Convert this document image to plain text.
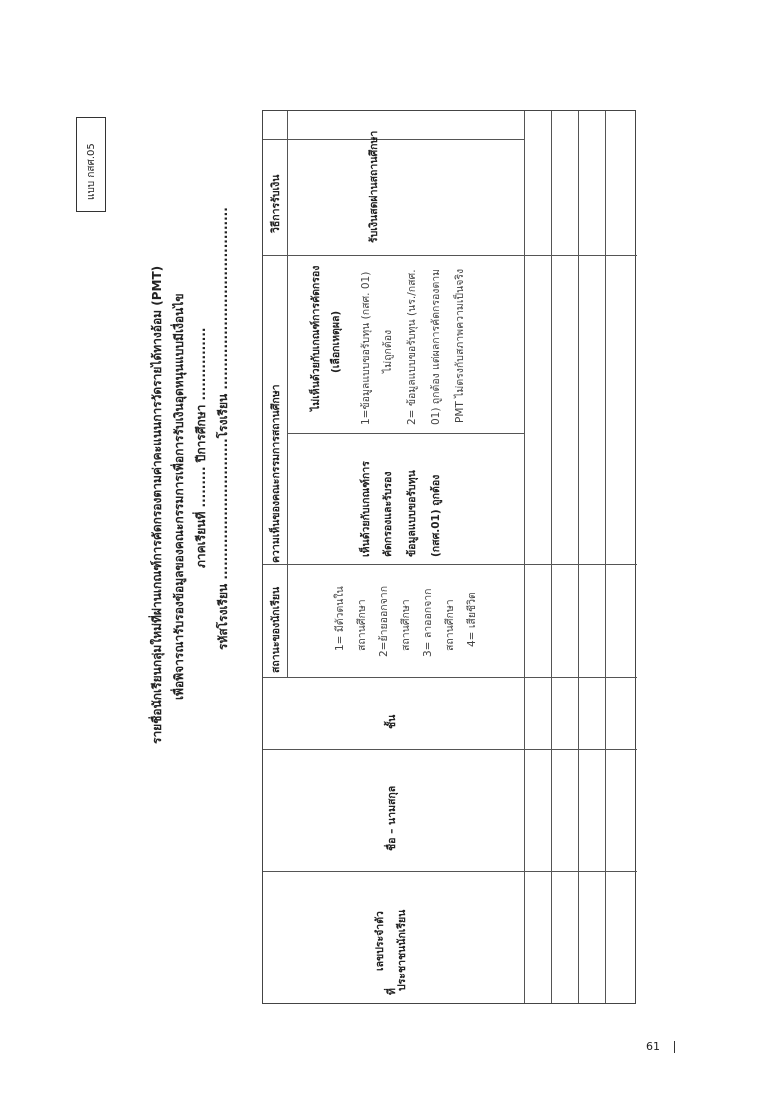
แบบ กสศ.05
รายชื่อนักเรียนกลุ่มใหม่ที่ผ่านเกณฑ์การคัดกรองตามค่าคะแนนการวัดรายได้ทางอ้อม (PMT) เพื่อพิจารณารับรองข้อมูลของคณะกรรมการเพื่อการรับเงินอุดหนุนแบบมีเงื่อนไข ภาคเรียนที่ ......... ปีการศึกษา ................ รหัสโรงเรียน ...............................โรงเรียน ........................................
วิธีการรับเงิน	รับเงินสดผ่านสถานศึกษา
ความเห็นของคณะกรรมการสถานศึกษา
ไม่เห็นด้วยกับเกณฑ์การคัดกรอง (เลือกเหตุผล) 1=ข้อมูลแบบขอรับทุน (กสศ. 01) ไม่ถูกต้อง 2= ข้อมูลแบบขอรับทุน (นร./กสศ. 01) ถูกต้อง แต่ผลการคัดกรองตาม PMT ไม่ตรงกับสภาพความเป็นจริง
เห็นด้วยกับเกณฑ์การ คัดกรองและรับรอง ข้อมูลแบบขอรับทุน (กสศ.01) ถูกต้อง
สถานะของนักเรียน	1= มีตัวตนใน สถานศึกษา 2=ย้ายออกจาก สถานศึกษา 3= ลาออกจาก สถานศึกษา 4= เสียชีวิต
ชั้น
ชื่อ – นามสกุล
เลขประจำตัว ประชาชนนักเรียน
ที่
61
